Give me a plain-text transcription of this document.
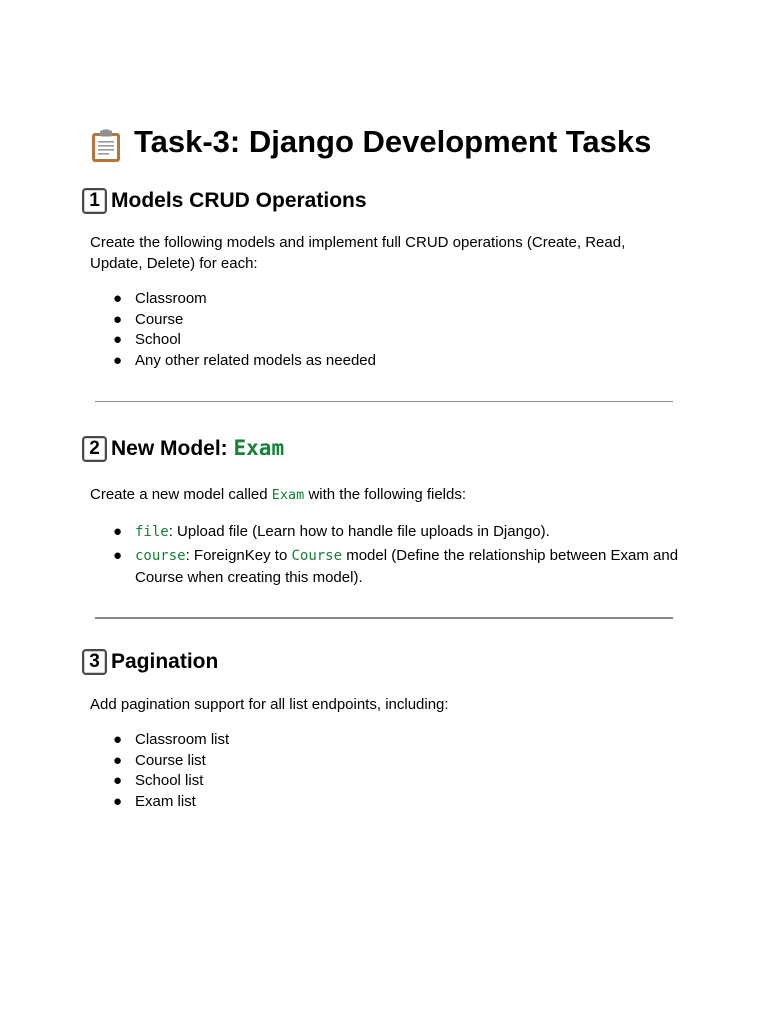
Task-3: Django Development Tasks
1 Models CRUD Operations

Create the following models and implement full CRUD operations (Create, Read, Update, Delete) for each:

● Classroom
● Course
● School
● Any other related models as needed
2 New Model: Exam

Create a new model called Exam with the following fields:

● file: Upload file (Learn how to handle file uploads in Django).
● course: ForeignKey to Course model (Define the relationship between Exam and Course when creating this model).
3 Pagination

Add pagination support for all list endpoints, including:

● Classroom list
● Course list
● School list
● Exam list
